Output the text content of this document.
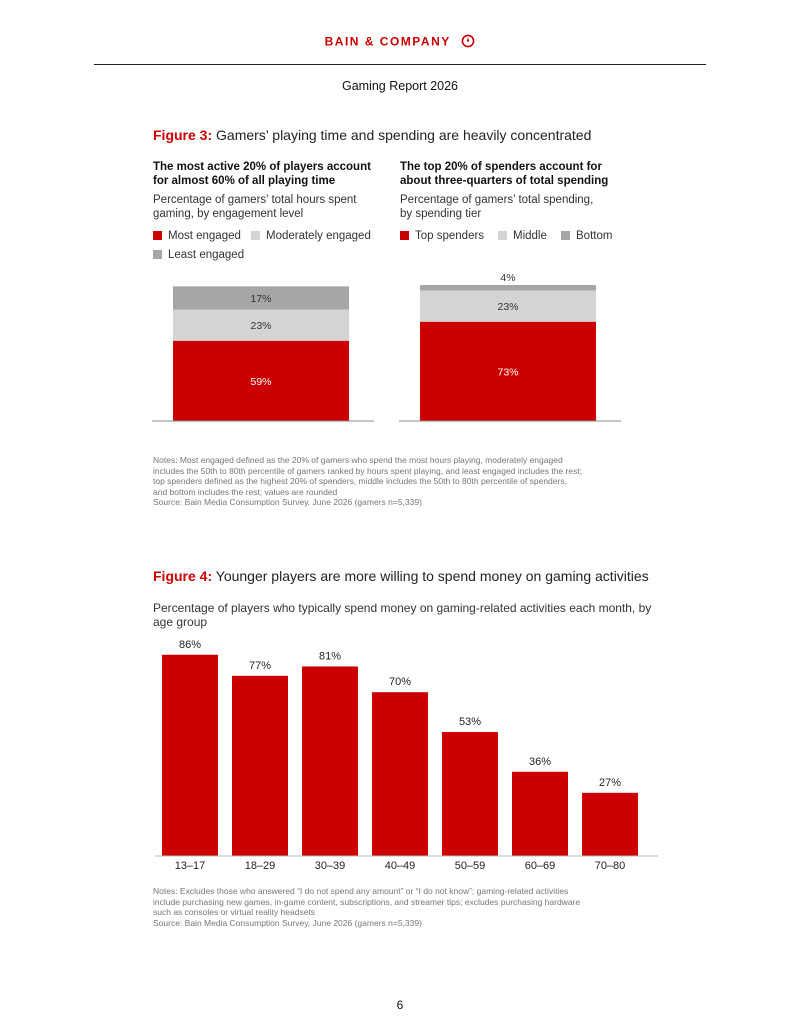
BAIN & COMPANY
Gaming Report 2026
Figure 3: Gamers’ playing time and spending are heavily concentrated
The most active 20% of players account
for almost 60% of all playing time
Percentage of gamers’ total hours spent
gaming, by engagement level
Most engaged	Moderately engaged
Least engaged
The top 20% of spenders account for
about three-quarters of total spending
Percentage of gamers’ total spending,
by spending tier
Top spenders	Middle	Bottom
59%
23%
17%
73%
23%
4%
Notes: Most engaged defined as the 20% of gamers who spend the most hours playing, moderately engaged
includes the 50th to 80th percentile of gamers ranked by hours spent playing, and least engaged includes the rest;
top spenders defined as the highest 20% of spenders, middle includes the 50th to 80th percentile of spenders,
and bottom includes the rest; values are rounded
Source: Bain Media Consumption Survey, June 2026 (gamers n=5,339)
Figure 4: Younger players are more willing to spend money on gaming activities
Percentage of players who typically spend money on gaming-related activities each month, by
age group
86%
13–17
77%
18–29
81%
30–39
70%
40–49
53%
50–59
36%
60–69
27%
70–80
Notes: Excludes those who answered “I do not spend any amount” or “I do not know”; gaming-related activities
include purchasing new games, in-game content, subscriptions, and streamer tips; excludes purchasing hardware
such as consoles or virtual reality headsets
Source: Bain Media Consumption Survey, June 2026 (gamers n=5,339)
6
